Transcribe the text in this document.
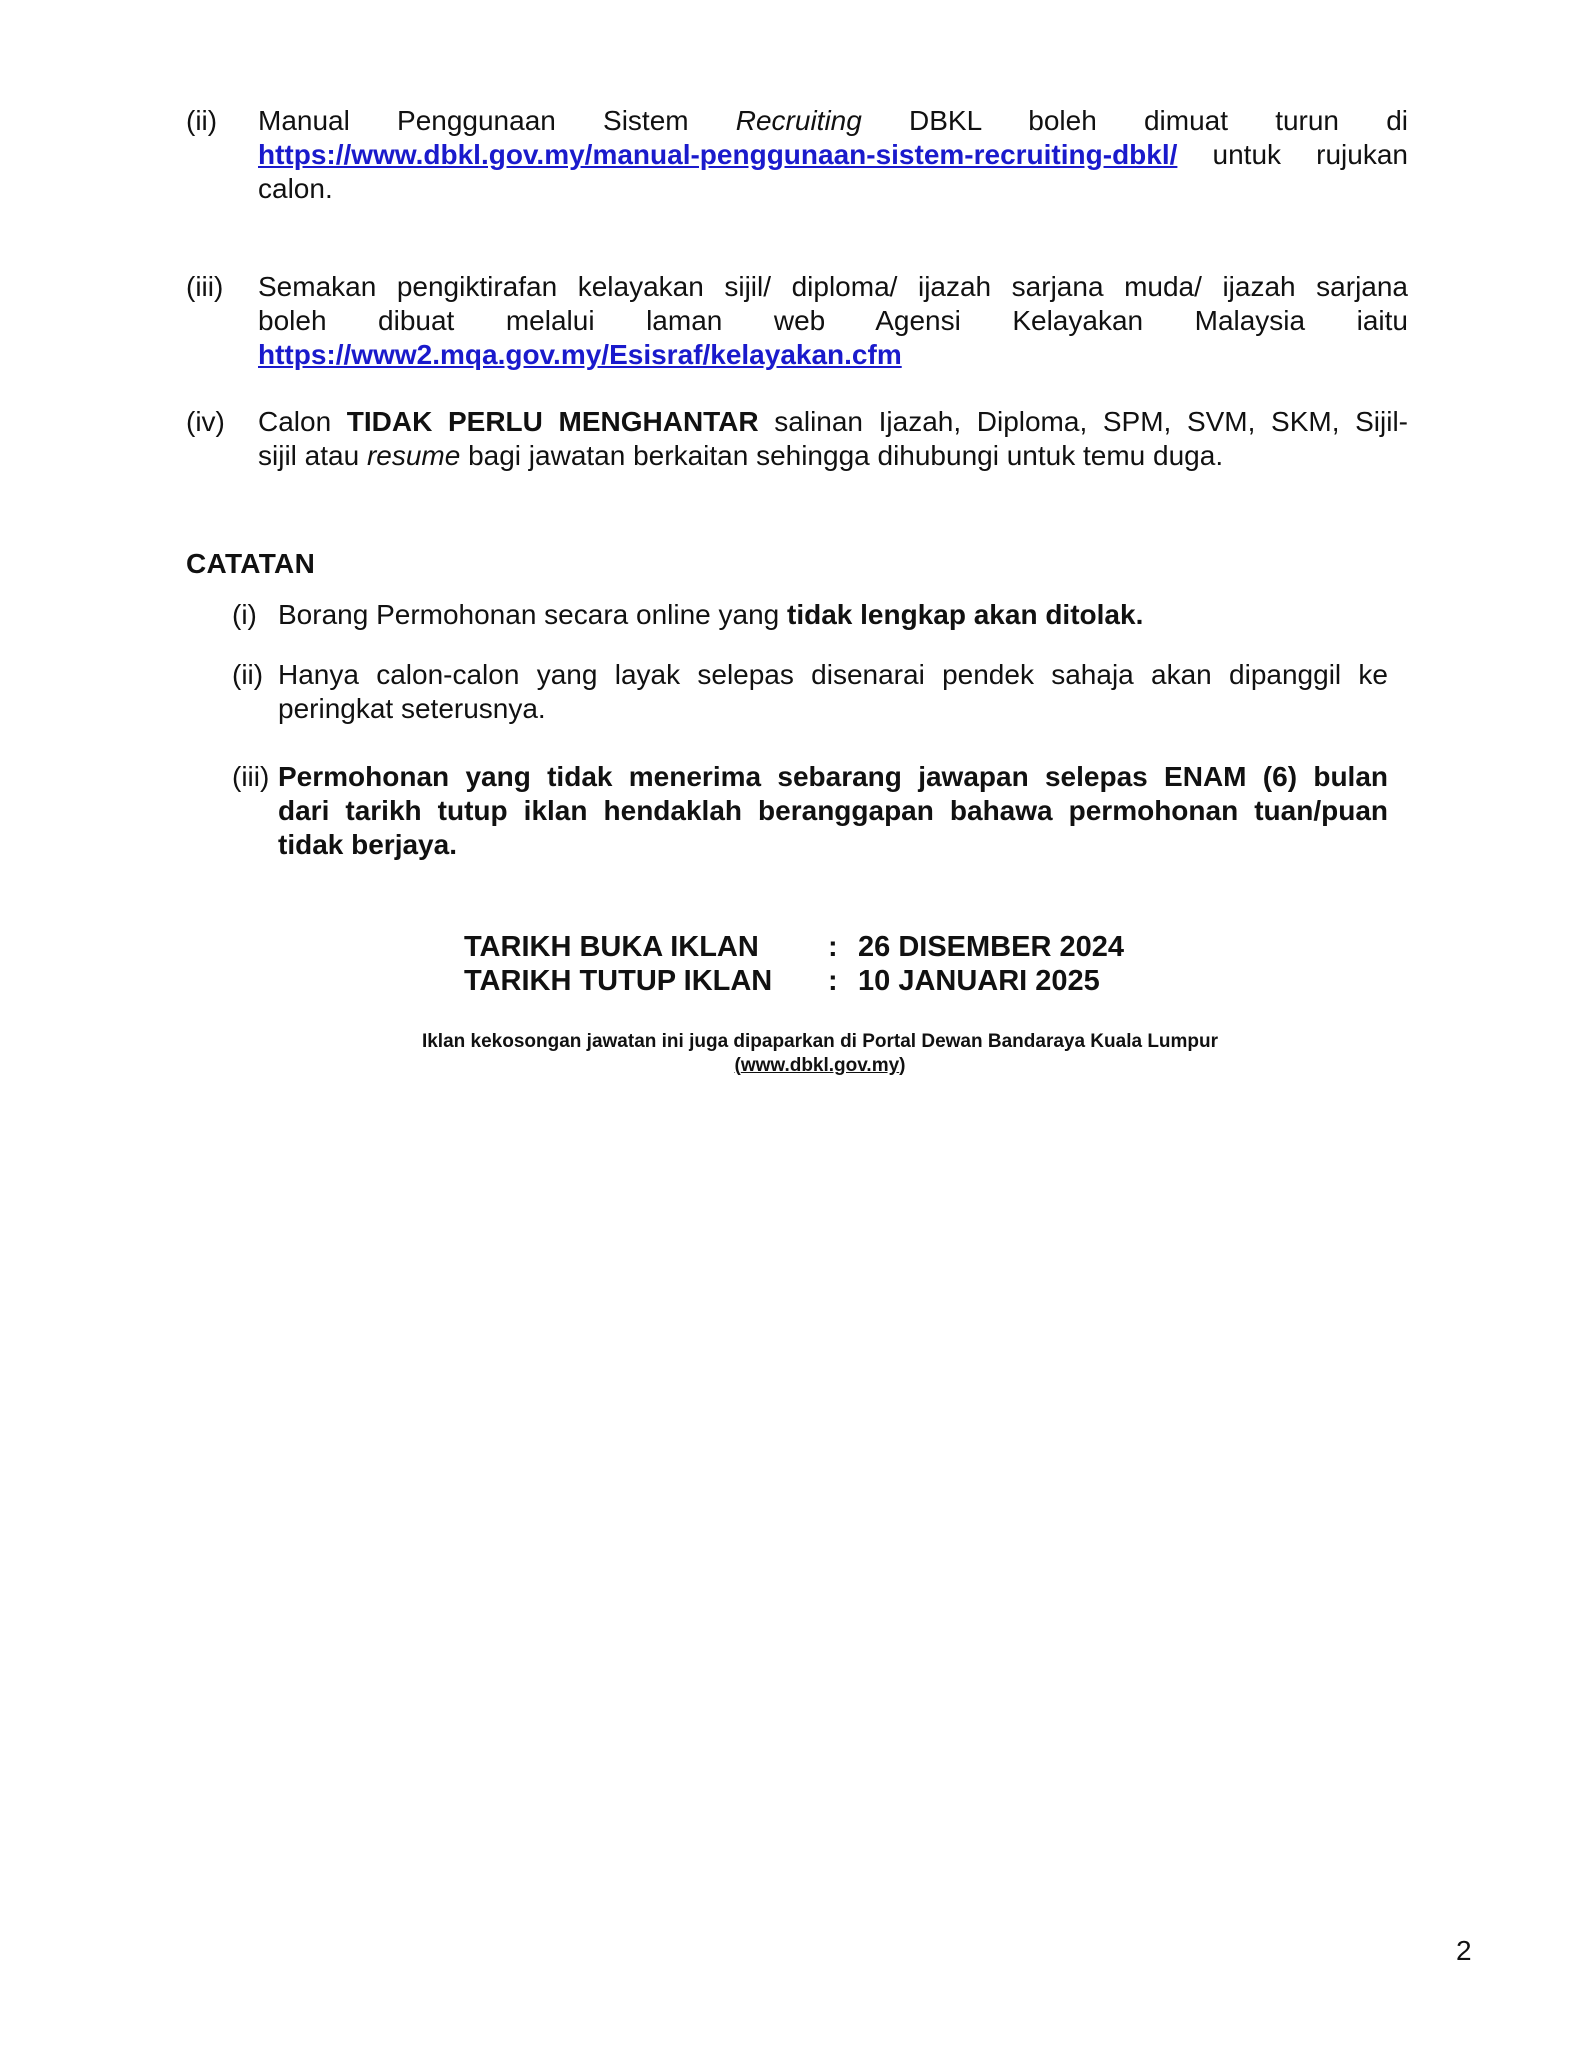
(ii) Manual Penggunaan Sistem Recruiting DBKL boleh dimuat turun di
https://www.dbkl.gov.my/manual-penggunaan-sistem-recruiting-dbkl/ untuk rujukan
calon.
(iii) Semakan pengiktirafan kelayakan sijil/ diploma/ ijazah sarjana muda/ ijazah sarjana
boleh dibuat melalui laman web Agensi Kelayakan Malaysia iaitu
https://www2.mqa.gov.my/Esisraf/kelayakan.cfm
(iv) Calon TIDAK PERLU MENGHANTAR salinan Ijazah, Diploma, SPM, SVM, SKM, Sijil-
sijil atau resume bagi jawatan berkaitan sehingga dihubungi untuk temu duga.
CATATAN
(i) Borang Permohonan secara online yang tidak lengkap akan ditolak.
(ii) Hanya calon-calon yang layak selepas disenarai pendek sahaja akan dipanggil ke
peringkat seterusnya.
(iii) Permohonan yang tidak menerima sebarang jawapan selepas ENAM (6) bulan
dari tarikh tutup iklan hendaklah beranggapan bahawa permohonan tuan/puan
tidak berjaya.
TARIKH BUKA IKLAN	: 26 DISEMBER 2024
TARIKH TUTUP IKLAN	: 10 JANUARI 2025
Iklan kekosongan jawatan ini juga dipaparkan di Portal Dewan Bandaraya Kuala Lumpur
(www.dbkl.gov.my)
2
